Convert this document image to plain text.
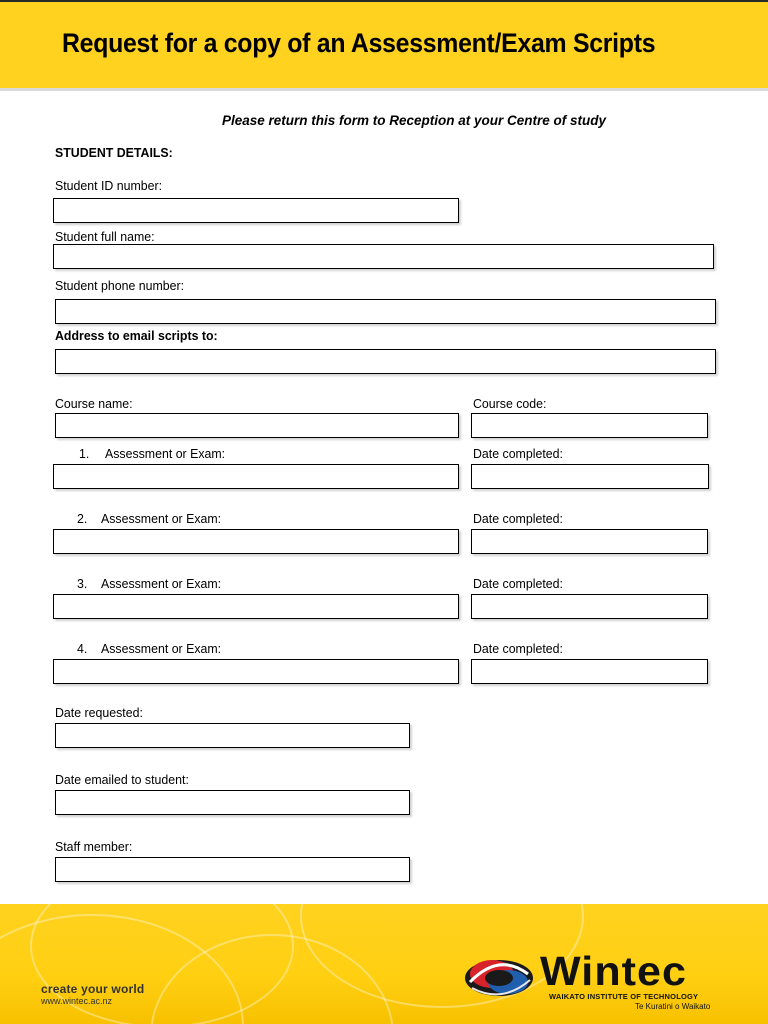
Request for a copy of an Assessment/Exam Scripts
Please return this form to Reception at your Centre of study
STUDENT DETAILS:
Student ID number:
Student full name:
Student phone number:
Address to email scripts to:
Course name:	Course code:
1. Assessment or Exam:	Date completed:
2. Assessment or Exam:	Date completed:
3. Assessment or Exam:	Date completed:
4. Assessment or Exam:	Date completed:
Date requested:
Date emailed to student:
Staff member:
create your world
www.wintec.ac.nz
Wintec
WAIKATO INSTITUTE OF TECHNOLOGY
Te Kuratini o Waikato
